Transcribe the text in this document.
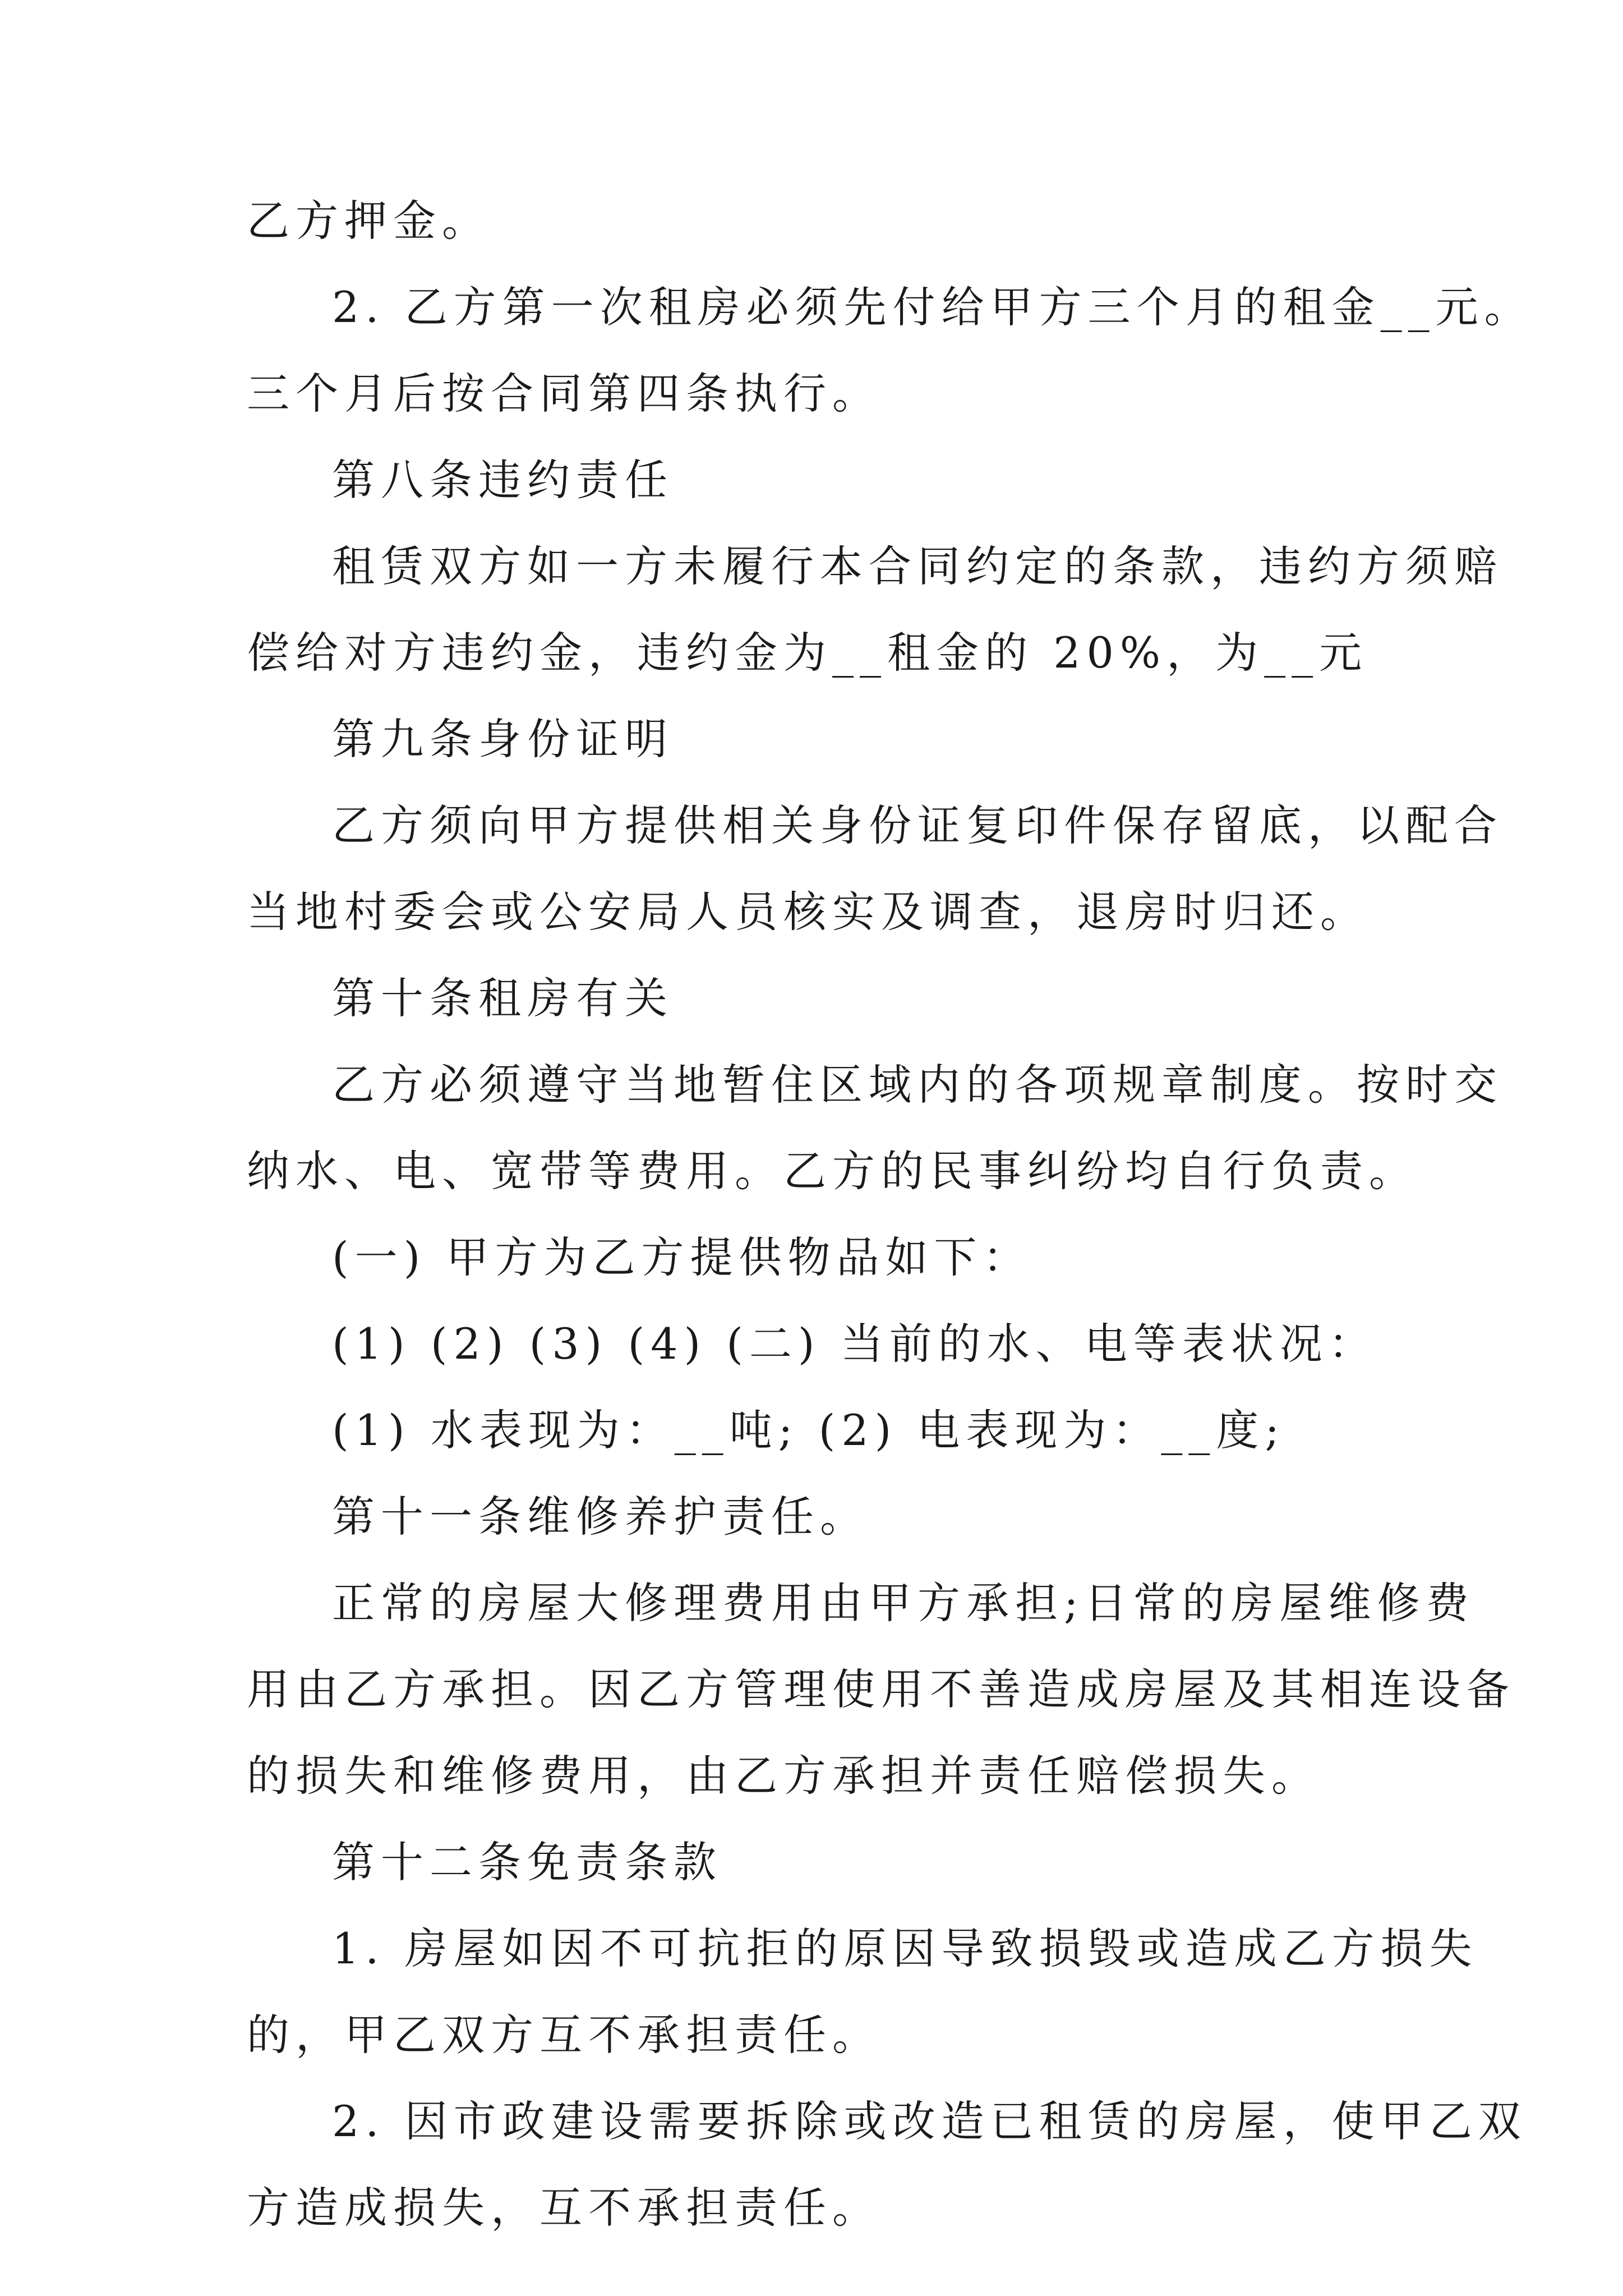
乙方押金。
2. 乙方第一次租房必须先付给甲方三个月的租金__元。
三个月后按合同第四条执行。
第八条违约责任
租赁双方如一方未履行本合同约定的条款，违约方须赔
偿给对方违约金，违约金为__租金的 20%，为__元
第九条身份证明
乙方须向甲方提供相关身份证复印件保存留底，以配合
当地村委会或公安局人员核实及调查，退房时归还。
第十条租房有关
乙方必须遵守当地暂住区域内的各项规章制度。按时交
纳水、电、宽带等费用。乙方的民事纠纷均自行负责。
(一) 甲方为乙方提供物品如下：
(1) (2) (3) (4) (二) 当前的水、电等表状况：
(1) 水表现为：__吨; (2) 电表现为：__度;
第十一条维修养护责任。
正常的房屋大修理费用由甲方承担;日常的房屋维修费
用由乙方承担。因乙方管理使用不善造成房屋及其相连设备
的损失和维修费用，由乙方承担并责任赔偿损失。
第十二条免责条款
1. 房屋如因不可抗拒的原因导致损毁或造成乙方损失
的，甲乙双方互不承担责任。
2. 因市政建设需要拆除或改造已租赁的房屋，使甲乙双
方造成损失，互不承担责任。
